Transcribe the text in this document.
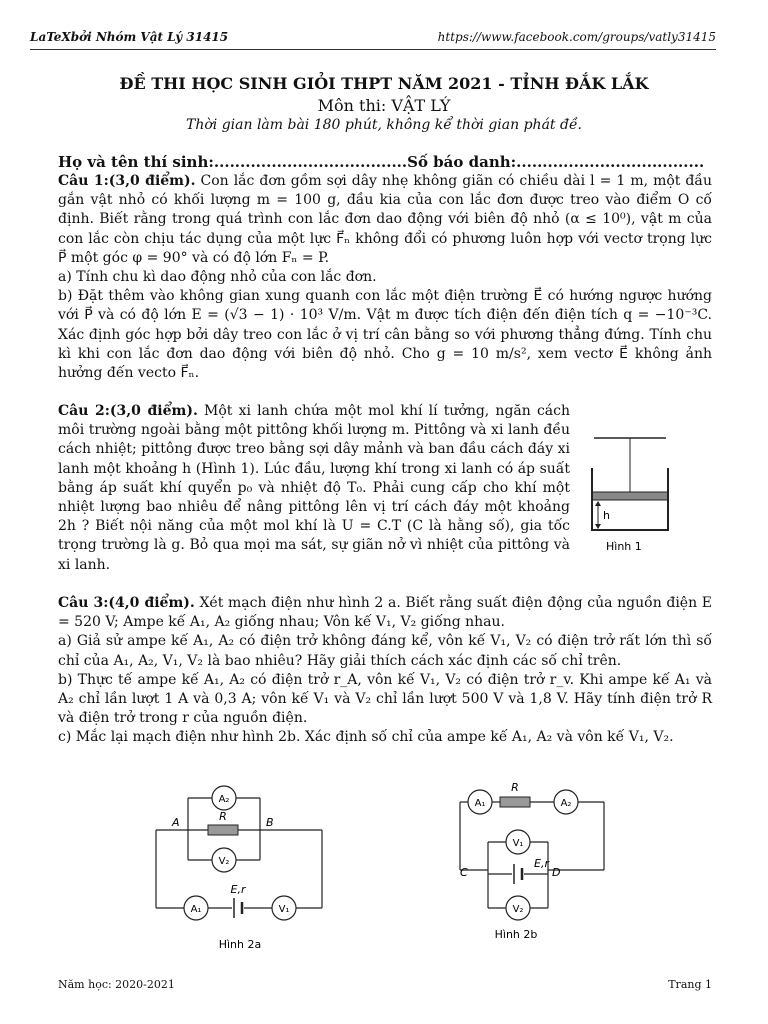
LaTeXbởi Nhóm Vật Lý 31415	https://www.facebook.com/groups/vatly31415
ĐỀ THI HỌC SINH GIỎI THPT NĂM 2021 - TỈNH ĐẮK LẮK
Môn thi: VẬT LÝ
Thời gian làm bài 180 phút, không kể thời gian phát đề.
Họ và tên thí sinh:.....................................Số báo danh:....................................

Câu 1:(3,0 điểm). Con lắc đơn gồm sợi dây nhẹ không giãn có chiều dài l = 1 m, một đầu gắn vật nhỏ có khối lượng m = 100 g, đầu kia của con lắc đơn được treo vào điểm O cố định. Biết rằng trong quá trình con lắc đơn dao động với biên độ nhỏ (α ≤ 10⁰), vật m của con lắc còn chịu tác dụng của một lực F⃗ₙ không đổi có phương luôn hợp với vectơ trọng lực P⃗ một góc φ = 90° và có độ lớn Fₙ = P.

a) Tính chu kì dao động nhỏ của con lắc đơn.

b) Đặt thêm vào không gian xung quanh con lắc một điện trường E⃗ có hướng ngược hướng với P⃗ và có độ lớn E = (√3 − 1) · 10³ V/m. Vật m được tích điện đến điện tích q = −10⁻³C. Xác định góc hợp bởi dây treo con lắc ở vị trí cân bằng so với phương thẳng đứng. Tính chu kì khi con lắc đơn dao động với biên độ nhỏ. Cho g = 10 m/s², xem vectơ E⃗ không ảnh hưởng đến vecto F⃗ₙ.

Câu 2:(3,0 điểm). Một xi lanh chứa một mol khí lí tưởng, ngăn cách môi trường ngoài bằng một pittông khối lượng m. Pittông và xi lanh đều cách nhiệt; pittông được treo bằng sợi dây mảnh và ban đầu cách đáy xi lanh một khoảng h (Hình 1). Lúc đầu, lượng khí trong xi lanh có áp suất bằng áp suất khí quyển p₀ và nhiệt độ T₀. Phải cung cấp cho khí một nhiệt lượng bao nhiêu để nâng pittông lên vị trí cách đáy một khoảng 2h ? Biết nội năng của một mol khí là U = C.T (C là hằng số), gia tốc trọng trường là g. Bỏ qua mọi ma sát, sự giãn nở vì nhiệt của pittông và xi lanh.

h
Hình 1

Câu 3:(4,0 điểm). Xét mạch điện như hình 2 a. Biết rằng suất điện động của nguồn điện E = 520 V; Ampe kế A₁, A₂ giống nhau; Vôn kế V₁, V₂ giống nhau.

a) Giả sử ampe kế A₁, A₂ có điện trở không đáng kể, vôn kế V₁, V₂ có điện trở rất lớn thì số chỉ của A₁, A₂, V₁, V₂ là bao nhiêu? Hãy giải thích cách xác định các số chỉ trên.

b) Thực tế ampe kế A₁, A₂ có điện trở r_A, vôn kế V₁, V₂ có điện trở r_v. Khi ampe kế A₁ và A₂ chỉ lần lượt 1 A và 0,3 A; vôn kế V₁ và V₂ chỉ lần lượt 500 V và 1,8 V. Hãy tính điện trở R và điện trở trong r của nguồn điện.

c) Mắc lại mạch điện như hình 2b. Xác định số chỉ của ampe kế A₁, A₂ và vôn kế V₁, V₂.

A₂
R
V₂
A	B
A₁
E,r
V₁
Hình 2a
A₁
R
A₂
V₁
E,r
C	D
V₂
Hình 2b
Năm học: 2020-2021	Trang 1
